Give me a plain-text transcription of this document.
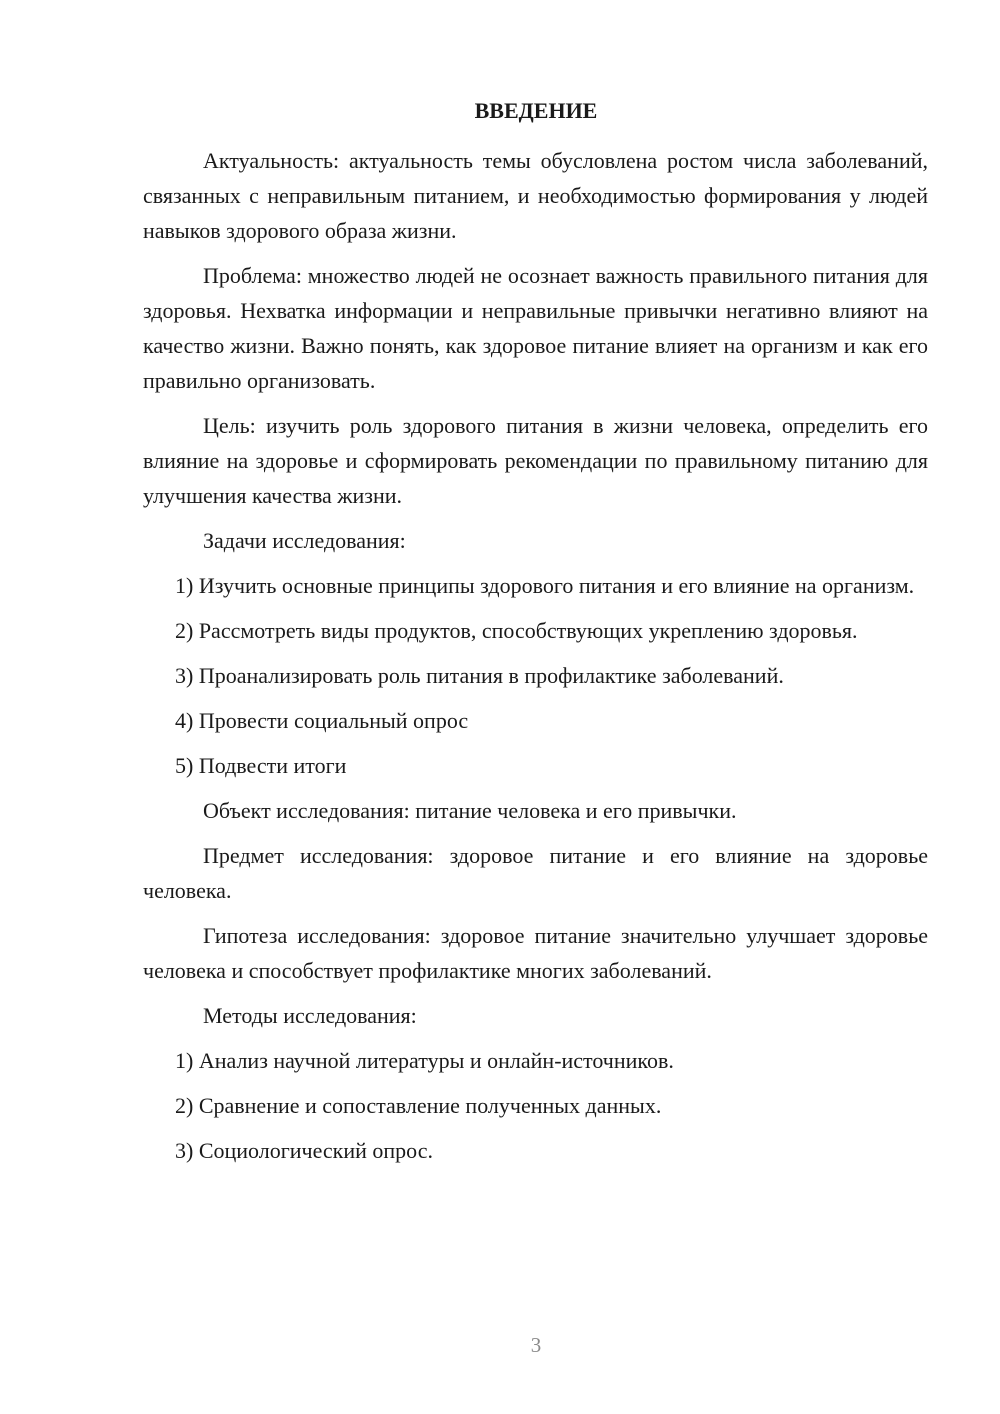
ВВЕДЕНИЕ

Актуальность: актуальность темы обусловлена ростом числа заболеваний, связанных с неправильным питанием, и необходимостью формирования у людей навыков здорового образа жизни.

Проблема: множество людей не осознает важность правильного питания для здоровья. Нехватка информации и неправильные привычки негативно влияют на качество жизни. Важно понять, как здоровое питание влияет на организм и как его правильно организовать.

Цель: изучить роль здорового питания в жизни человека, определить его влияние на здоровье и сформировать рекомендации по правильному питанию для улучшения качества жизни.

Задачи исследования:

1) Изучить основные принципы здорового питания и его влияние на организм.

2) Рассмотреть виды продуктов, способствующих укреплению здоровья.

3) Проанализировать роль питания в профилактике заболеваний.

4) Провести социальный опрос

5) Подвести итоги

Объект исследования: питание человека и его привычки.

Предмет исследования: здоровое питание и его влияние на здоровье человека.

Гипотеза исследования: здоровое питание значительно улучшает здоровье человека и способствует профилактике многих заболеваний.

Методы исследования:

1) Анализ научной литературы и онлайн-источников.

2) Сравнение и сопоставление полученных данных.

3) Социологический опрос.

3
